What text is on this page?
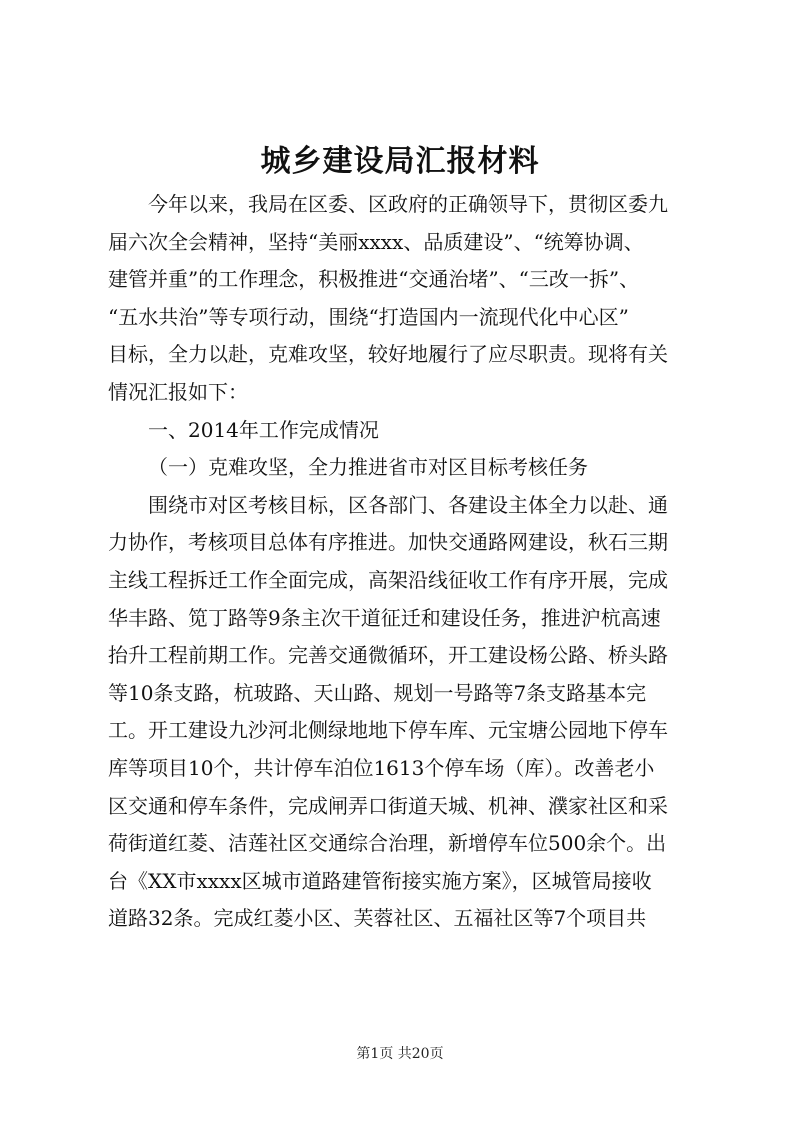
城乡建设局汇报材料
今年以来，我局在区委、区政府的正确领导下，贯彻区委九
届六次全会精神，坚持“美丽xxxx、品质建设”、“统筹协调、
建管并重”的工作理念，积极推进“交通治堵”、“三改一拆”、
“五水共治”等专项行动，围绕“打造国内一流现代化中心区”
目标，全力以赴，克难攻坚，较好地履行了应尽职责。现将有关
情况汇报如下：
一、2014年工作完成情况
（一）克难攻坚，全力推进省市对区目标考核任务
围绕市对区考核目标，区各部门、各建设主体全力以赴、通
力协作，考核项目总体有序推进。加快交通路网建设，秋石三期
主线工程拆迁工作全面完成，高架沿线征收工作有序开展，完成
华丰路、笕丁路等9条主次干道征迁和建设任务，推进沪杭高速
抬升工程前期工作。完善交通微循环，开工建设杨公路、桥头路
等10条支路，杭玻路、天山路、规划一号路等7条支路基本完
工。开工建设九沙河北侧绿地地下停车库、元宝塘公园地下停车
库等项目10个，共计停车泊位1613个停车场（库）。改善老小
区交通和停车条件，完成闸弄口街道天城、机神、濮家社区和采
荷街道红菱、洁莲社区交通综合治理，新增停车位500余个。出
台《XX市xxxx区城市道路建管衔接实施方案》，区城管局接收
道路32条。完成红菱小区、芙蓉社区、五福社区等7个项目共
第1页 共20页
